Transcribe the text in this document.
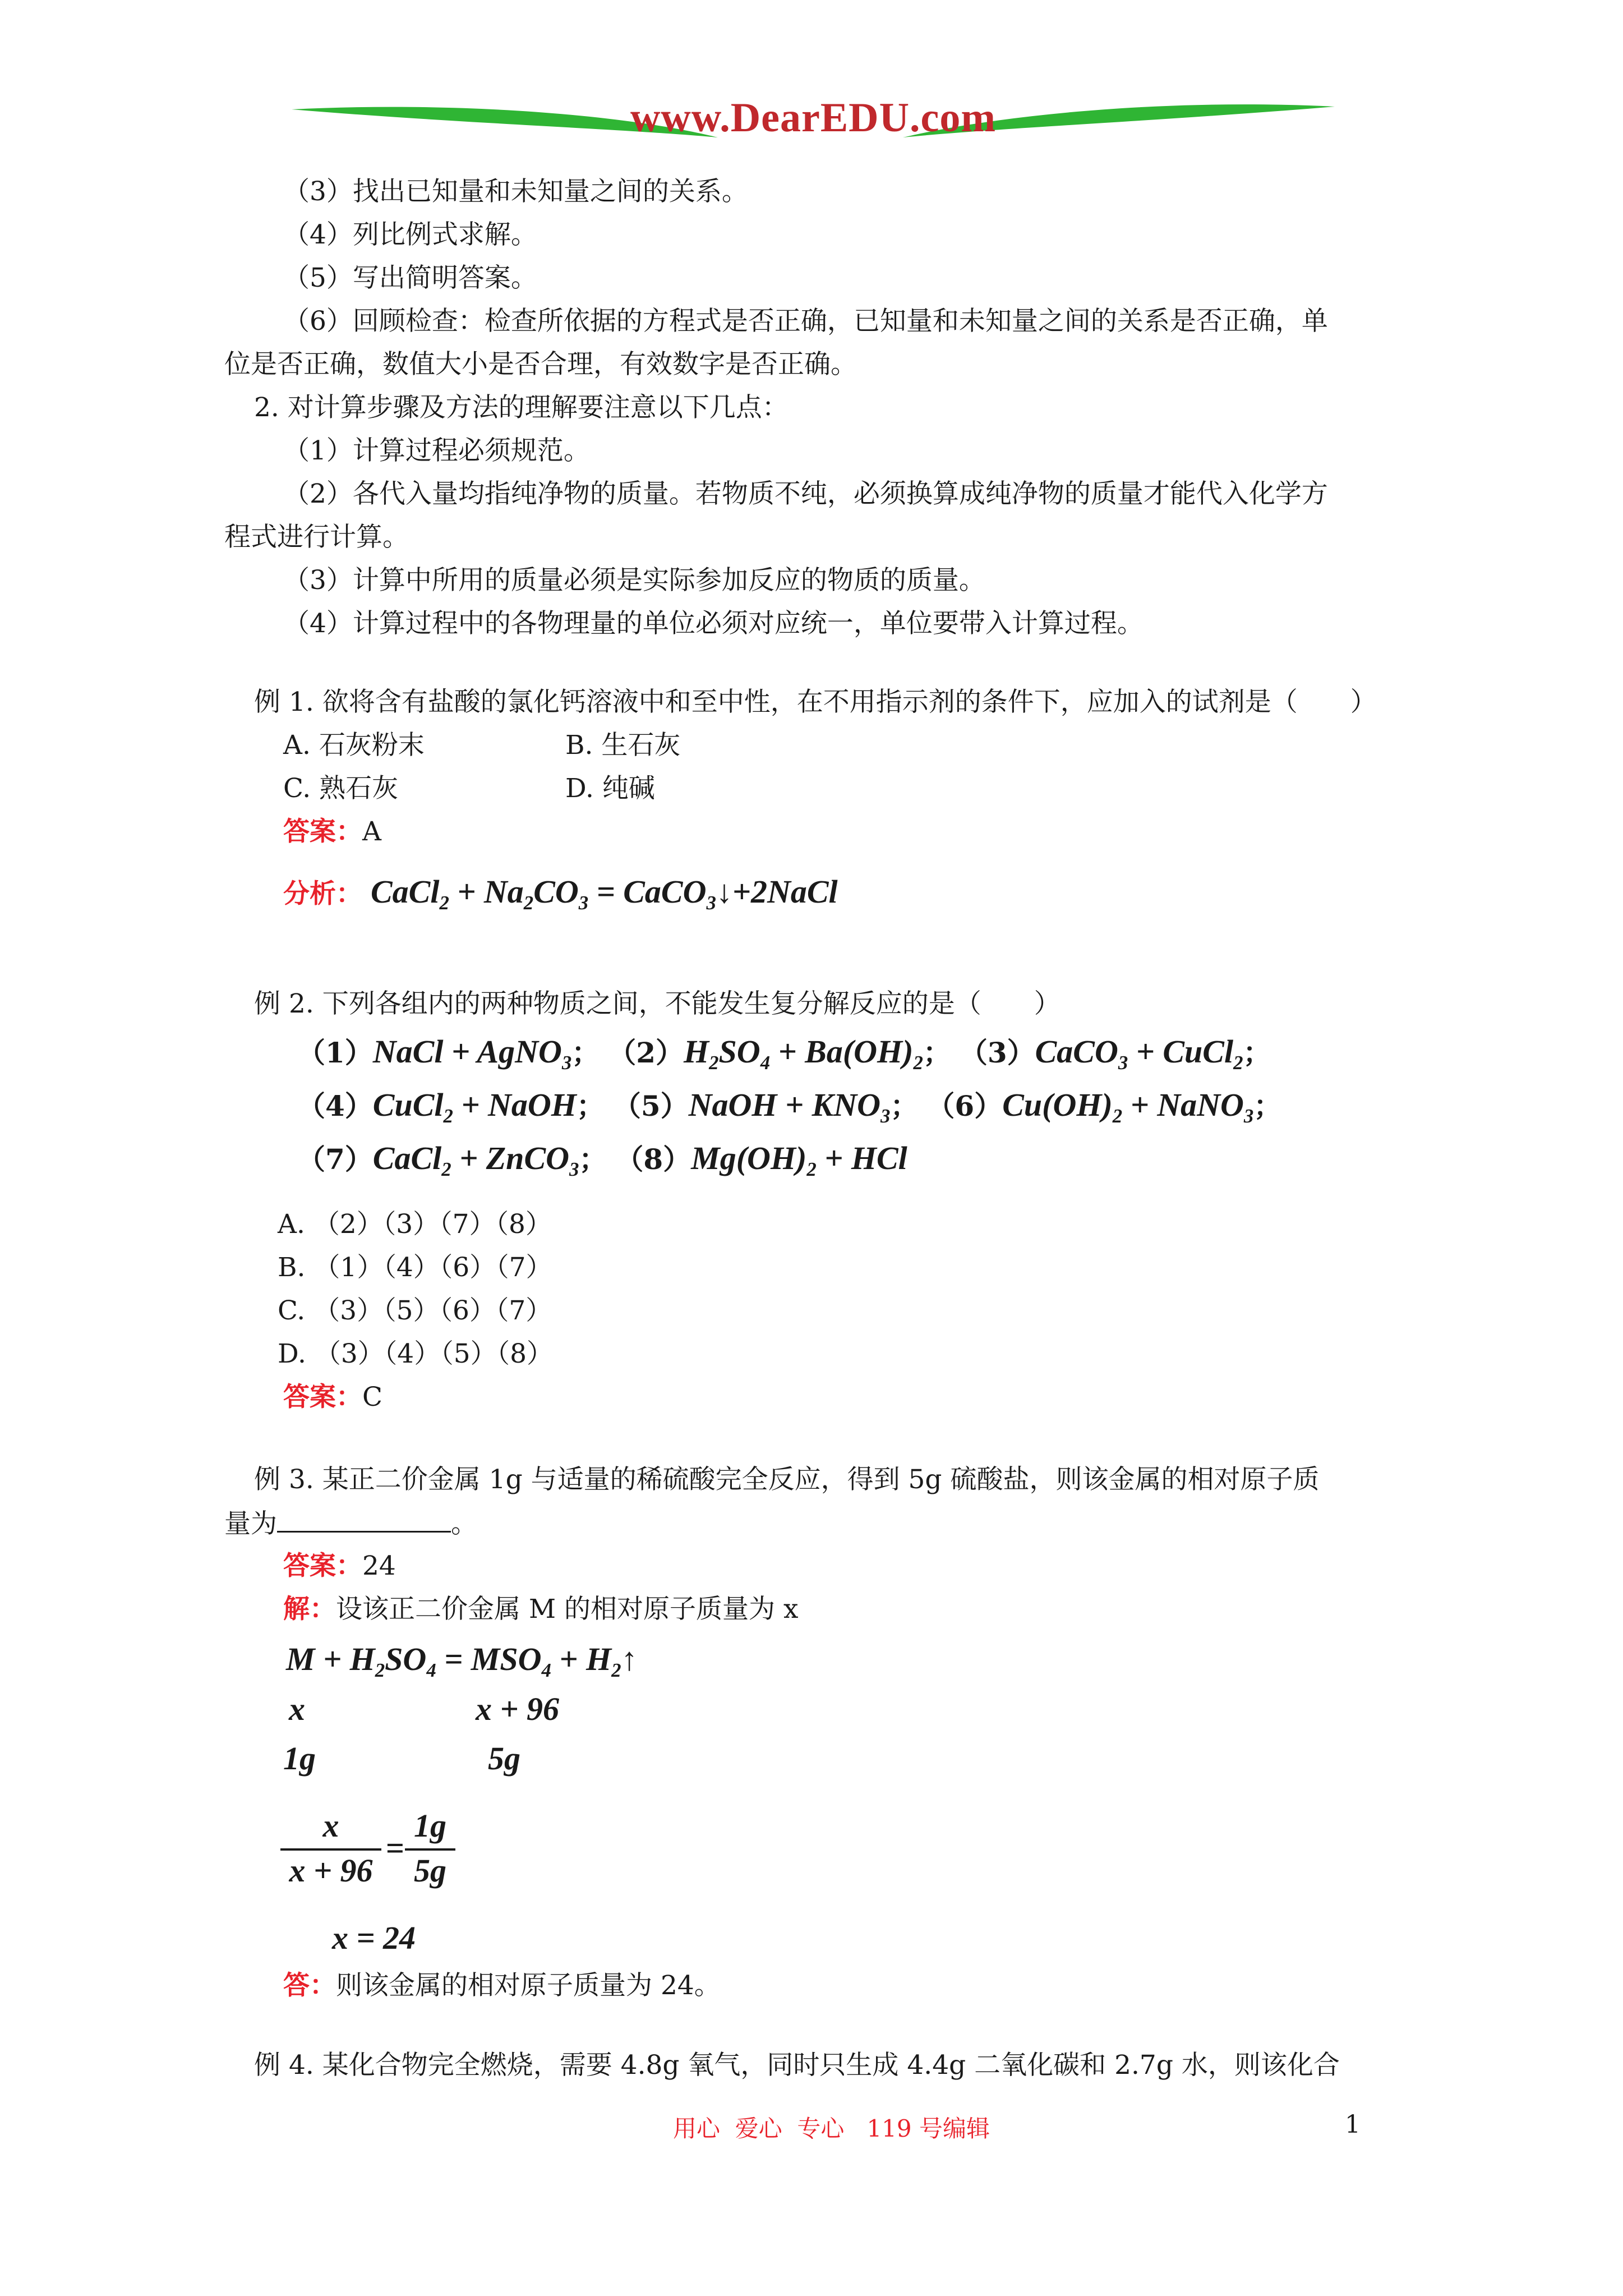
www.DearEDU.com
（3）找出已知量和未知量之间的关系。
（4）列比例式求解。
（5）写出简明答案。
（6）回顾检查：检查所依据的方程式是否正确，已知量和未知量之间的关系是否正确，单
位是否正确，数值大小是否合理，有效数字是否正确。
2. 对计算步骤及方法的理解要注意以下几点：
（1）计算过程必须规范。
（2）各代入量均指纯净物的质量。若物质不纯，必须换算成纯净物的质量才能代入化学方
程式进行计算。
（3）计算中所用的质量必须是实际参加反应的物质的质量。
（4）计算过程中的各物理量的单位必须对应统一，单位要带入计算过程。
例 1. 欲将含有盐酸的氯化钙溶液中和至中性，在不用指示剂的条件下，应加入的试剂是（　　）
A. 石灰粉末	B. 生石灰
C. 熟石灰	D. 纯碱
答案：A
分析： CaCl$_2$ + $Na_2CO_3$ = CaCO$_3$↓+2NaCl
例 2. 下列各组内的两种物质之间，不能发生复分解反应的是（　　）
（1）NaCl + AgNO$_3$； $(2)H_2SO_4 + Ba(OH)_2$； （3）CaCO$_3$ + CuCl$_2$；
（4）CuCl$_2$ + NaOH； （5）NaOH + $KNO_3$； $(6)Cu(OH)_2$ + NaNO$_3$；
（7）CaCl$_2$ + ZnCO$_3$； $(8)Mg(OH)_2$ + HCl
A. （2）（3）（7）（8）
B. （1）（4）（6）（7）
C. （3）（5）（6）（7）
D. （3）（4）（5）（8）
答案：C
例 3. 某正二价金属 1g 与适量的稀硫酸完全反应，得到 5g 硫酸盐，则该金属的相对原子质
量为	。
答案：24
解：设该正二价金属 M 的相对原子质量为 x
$M + H_2SO_4 = MSO_4$ + $H_2↑$
x	x + 96
1g	5g
x
x + 96
=
1g
5g
x = 24
答：则该金属的相对原子质量为 24。
例 4. 某化合物完全燃烧，需要 4.8g 氧气，同时只生成 4.4g 二氧化碳和 2.7g 水，则该化合
用心  爱心  专心   119 号编辑	1
